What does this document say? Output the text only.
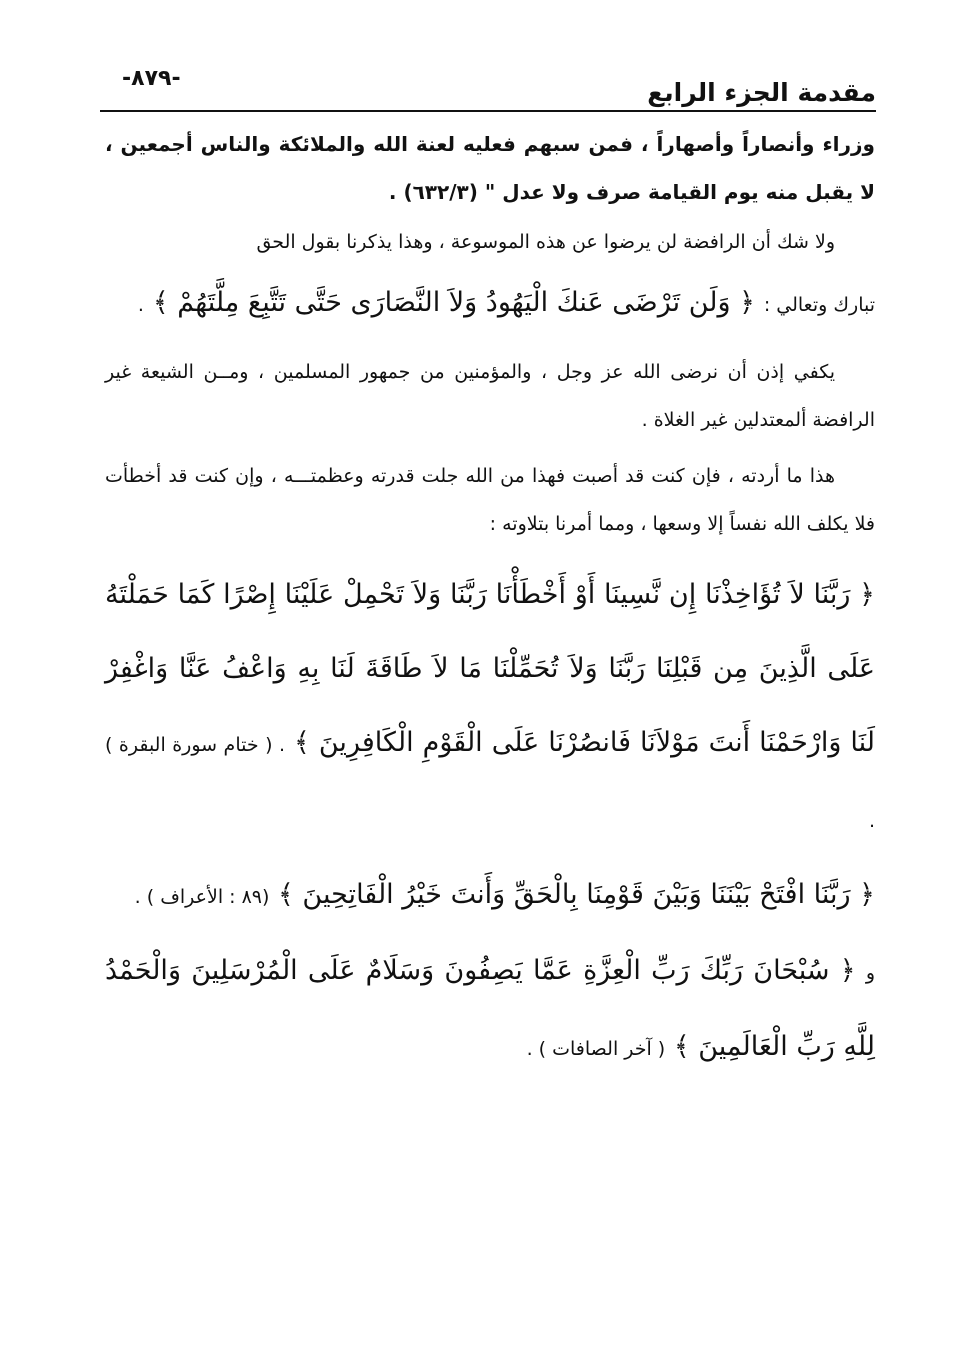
-٨٧٩-	مقدمة الجزء الرابع

وزراء وأنصاراً وأصهاراً ، فمن سبهم فعليه لعنة الله والملائكة والناس أجمعين ، لا يقبل منه يوم القيامة صرف ولا عدل " (٦٣٢/٣) .

ولا شك أن الرافضة لن يرضوا عن هذه الموسوعة ، وهذا يذكرنا بقول الحق

تبارك وتعالي : ﴿ وَلَن تَرْضَى عَنكَ الْيَهُودُ وَلاَ النَّصَارَى حَتَّى تَتَّبِعَ مِلَّتَهُمْ ﴾ .

يكفي إذن أن نرضى الله عز وجل ، والمؤمنين من جمهور المسلمين ، ومــن الشيعة غير الرافضة ألمعتدلين غير الغلاة .

هذا ما أردته ، فإن كنت قد أصبت فهذا من الله جلت قدرته وعظمتـــه ، وإن كنت قد أخطأت فلا يكلف الله نفساً إلا وسعها ، ومما أمرنا بتلاوته :

﴿ رَبَّنَا لاَ تُؤَاخِذْنَا إِن نَّسِينَا أَوْ أَخْطَأْنَا رَبَّنَا وَلاَ تَحْمِلْ عَلَيْنَا إِصْرًا كَمَا حَمَلْتَهُ عَلَى الَّذِينَ مِن قَبْلِنَا رَبَّنَا وَلاَ تُحَمِّلْنَا مَا لاَ طَاقَةَ لَنَا بِهِ وَاعْفُ عَنَّا وَاغْفِرْ لَنَا وَارْحَمْنَا أَنتَ مَوْلاَنَا فَانصُرْنَا عَلَى الْقَوْمِ الْكَافِرِينَ ﴾ . ( ختام سورة البقرة ) .

﴿ رَبَّنَا افْتَحْ بَيْنَنَا وَبَيْنَ قَوْمِنَا بِالْحَقِّ وَأَنتَ خَيْرُ الْفَاتِحِينَ ﴾ (٨٩ : الأعراف ) .

و ﴿ سُبْحَانَ رَبِّكَ رَبِّ الْعِزَّةِ عَمَّا يَصِفُونَ وَسَلَامٌ عَلَى الْمُرْسَلِينَ وَالْحَمْدُ لِلَّهِ رَبِّ الْعَالَمِينَ ﴾ ( آخر الصافات ) .
